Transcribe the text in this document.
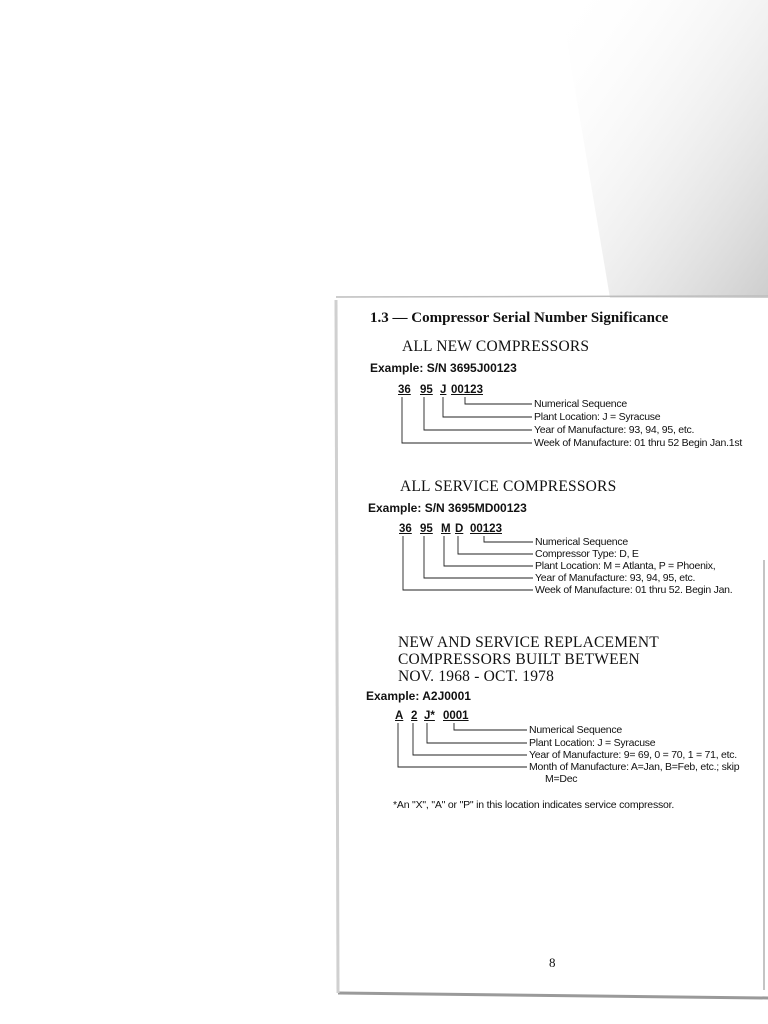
1.3 — Compressor Serial Number Significance
ALL NEW COMPRESSORS
Example: S/N 3695J00123
36 95 J 00123
Numerical Sequence
Plant Location: J = Syracuse
Year of Manufacture: 93, 94, 95, etc.
Week of Manufacture: 01 thru 52 Begin Jan.1st
ALL SERVICE COMPRESSORS
Example: S/N 3695MD00123
36 95 M D 00123
Numerical Sequence
Compressor Type: D, E
Plant Location: M = Atlanta, P = Phoenix,
Year of Manufacture: 93, 94, 95, etc.
Week of Manufacture: 01 thru 52. Begin Jan.
NEW AND SERVICE REPLACEMENT
COMPRESSORS BUILT BETWEEN
NOV. 1968 - OCT. 1978
Example: A2J0001
A 2 J* 0001
Numerical Sequence
Plant Location: J = Syracuse
Year of Manufacture: 9= 69, 0 = 70, 1 = 71, etc.
Month of Manufacture: A=Jan, B=Feb, etc.; skip
M=Dec
*An "X", "A" or "P" in this location indicates service compressor.
8
